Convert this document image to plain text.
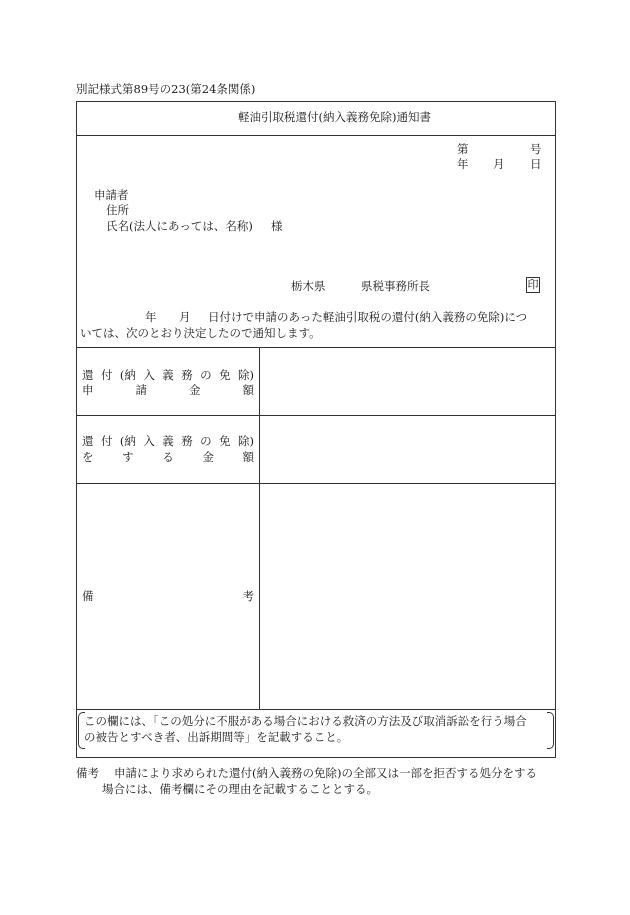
別記様式第89号の23(第24条関係)
軽油引取税還付(納入義務免除)通知書
第	号
年 月 日
申請者
住所
氏名(法人にあっては、名称) 様
栃木県	県税事務所長	印
年 月 日付けで申請のあった軽油引取税の還付(納入義務の免除)につ
いては、次のとおり決定したので通知します。
還 付 (納 入 義 務 の 免 除)
申	請	金	額
還 付 (納 入 義 務 の 免 除)
を す る 金 額
備	考
この欄には、「この処分に不服がある場合における救済の方法及び取消訴訟を行う場合
の被告とすべき者、出訴期間等」を記載すること。
備考 申請により求められた還付(納入義務の免除)の全部又は一部を拒否する処分をする
場合には、備考欄にその理由を記載することとする。
